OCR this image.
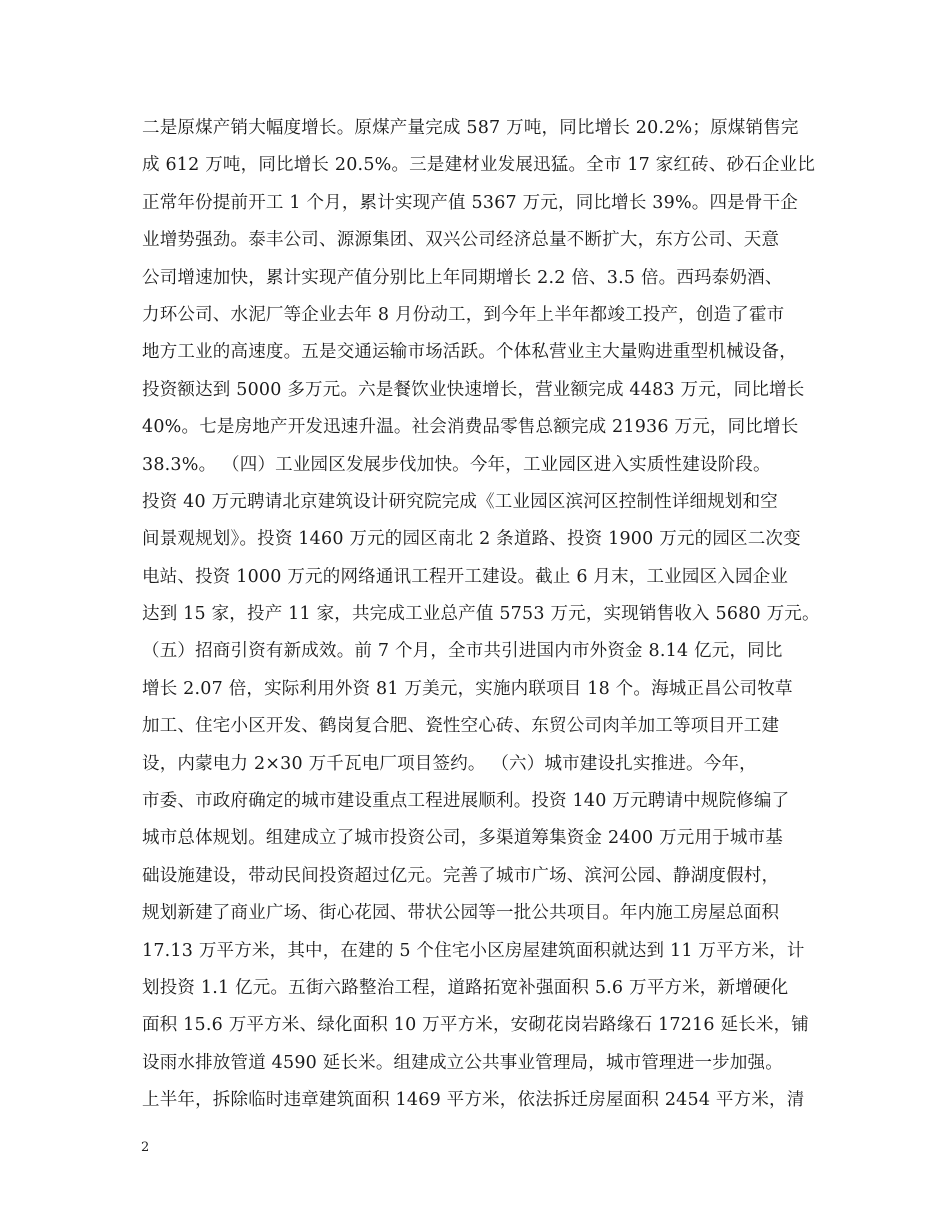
二是原煤产销大幅度增长。原煤产量完成 587 万吨，同比增长 20.2%；原煤销售完
成 612 万吨，同比增长 20.5%。三是建材业发展迅猛。全市 17 家红砖、砂石企业比
正常年份提前开工 1 个月，累计实现产值 5367 万元，同比增长 39%。四是骨干企
业增势强劲。泰丰公司、源源集团、双兴公司经济总量不断扩大，东方公司、天意
公司增速加快，累计实现产值分别比上年同期增长 2.2 倍、3.5 倍。西玛泰奶酒、
力环公司、水泥厂等企业去年 8 月份动工，到今年上半年都竣工投产，创造了霍市
地方工业的高速度。五是交通运输市场活跃。个体私营业主大量购进重型机械设备，
投资额达到 5000 多万元。六是餐饮业快速增长，营业额完成 4483 万元，同比增长
40%。七是房地产开发迅速升温。社会消费品零售总额完成 21936 万元，同比增长
38.3%。 （四）工业园区发展步伐加快。今年，工业园区进入实质性建设阶段。
投资 40 万元聘请北京建筑设计研究院完成《工业园区滨河区控制性详细规划和空
间景观规划》。投资 1460 万元的园区南北 2 条道路、投资 1900 万元的园区二次变
电站、投资 1000 万元的网络通讯工程开工建设。截止 6 月末，工业园区入园企业
达到 15 家，投产 11 家，共完成工业总产值 5753 万元，实现销售收入 5680 万元。
（五）招商引资有新成效。前 7 个月，全市共引进国内市外资金 8.14 亿元，同比
增长 2.07 倍，实际利用外资 81 万美元，实施内联项目 18 个。海城正昌公司牧草
加工、住宅小区开发、鹤岗复合肥、瓷性空心砖、东贸公司肉羊加工等项目开工建
设，内蒙电力 2×30 万千瓦电厂项目签约。 （六）城市建设扎实推进。今年，
市委、市政府确定的城市建设重点工程进展顺利。投资 140 万元聘请中规院修编了
城市总体规划。组建成立了城市投资公司，多渠道筹集资金 2400 万元用于城市基
础设施建设，带动民间投资超过亿元。完善了城市广场、滨河公园、静湖度假村，
规划新建了商业广场、街心花园、带状公园等一批公共项目。年内施工房屋总面积
17.13 万平方米，其中，在建的 5 个住宅小区房屋建筑面积就达到 11 万平方米，计
划投资 1.1 亿元。五街六路整治工程，道路拓宽补强面积 5.6 万平方米，新增硬化
面积 15.6 万平方米、绿化面积 10 万平方米，安砌花岗岩路缘石 17216 延长米，铺
设雨水排放管道 4590 延长米。组建成立公共事业管理局，城市管理进一步加强。
上半年，拆除临时违章建筑面积 1469 平方米，依法拆迁房屋面积 2454 平方米，清
2
